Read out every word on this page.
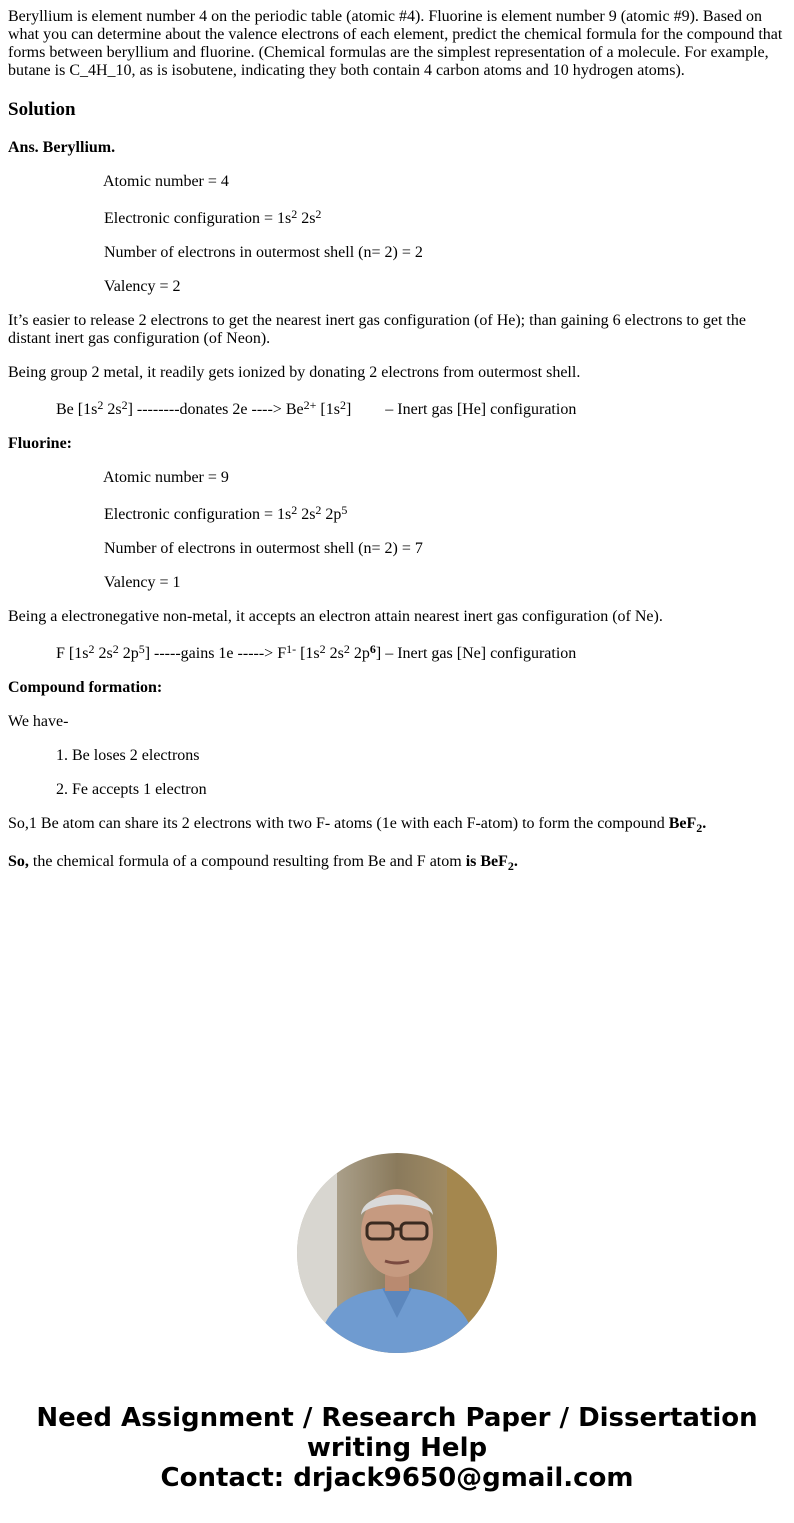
Beryllium is element number 4 on the periodic table (atomic #4). Fluorine is element number 9 (atomic #9). Based on what you can determine about the valence electrons of each element, predict the chemical formula for the compound that forms between beryllium and fluorine. (Chemical formulas are the simplest representation of a molecule. For example, butane is C_4H_10, as is isobutene, indicating they both contain 4 carbon atoms and 10 hydrogen atoms).

Solution

Ans. Beryllium.

Atomic number = 4

Electronic configuration = $1s^2$ $2s^2$

Number of electrons in outermost shell (n= 2) = 2

Valency = 2

It’s easier to release 2 electrons to get the nearest inert gas configuration (of He); than gaining 6 electrons to get the distant inert gas configuration (of Neon).

Being group 2 metal, it readily gets ionized by donating 2 electrons from outermost shell.

Be [$1s^2$ $2s^2$] --------donates 2e ----> $Be^{2+}$ $[1s^2]$ – Inert gas [He] configuration

Fluorine:

Atomic number = 9

Electronic configuration = $1s^2$ $2s^2$ $2p^5$

Number of electrons in outermost shell (n= 2) = 7

Valency = 1

Being a electronegative non-metal, it accepts an electron attain nearest inert gas configuration (of Ne).

F [$1s^2$ $2s^2$ $2p^5$] -----gains 1e -----> $F^{1-}$ [$1s^2$ $2s^2$ $2p^6$] – Inert gas [Ne] configuration

Compound formation:

We have-

1. Be loses 2 electrons

2. Fe accepts 1 electron

So,1 Be atom can share its 2 electrons with two F- atoms (1e with each F-atom) to form the compound BeF$_2$.

So, the chemical formula of a compound resulting from Be and F atom is BeF$_2$.

Need Assignment / Research Paper / Dissertation
writing Help
Contact: drjack9650@gmail.com
